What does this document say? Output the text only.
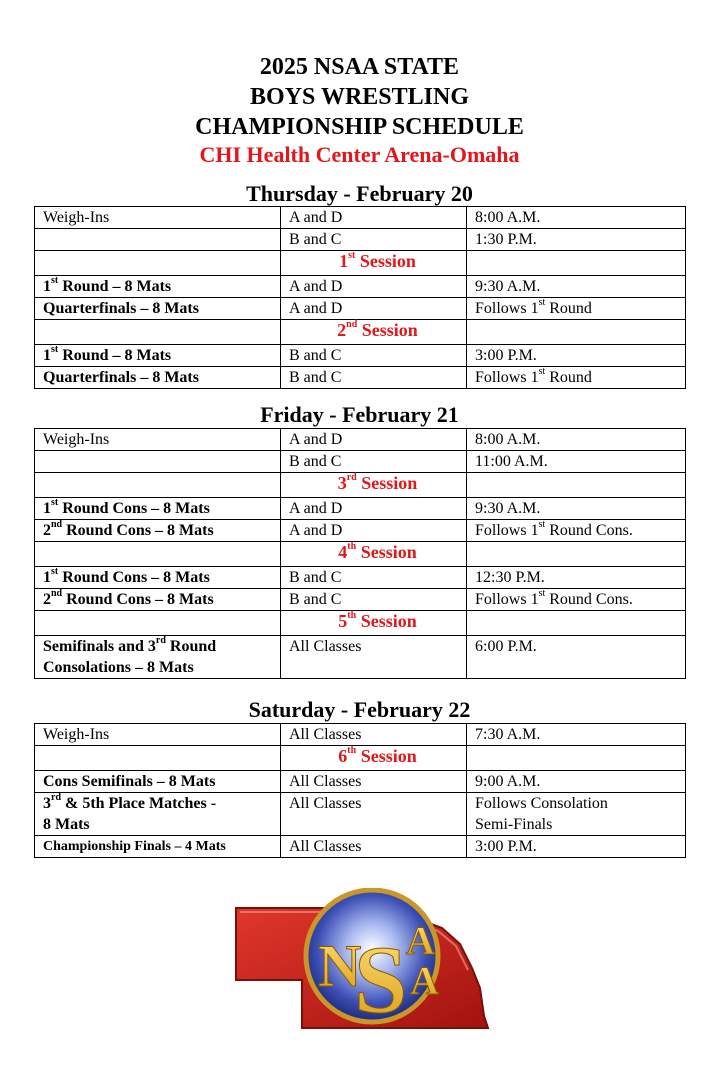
2025 NSAA STATE
BOYS WRESTLING
CHAMPIONSHIP SCHEDULE
CHI Health Center Arena-Omaha
Thursday - February 20
Weigh-Ins	A and D	8:00 A.M.
	B and C	1:30 P.M.
	1st Session	
1st Round – 8 Mats	A and D	9:30 A.M.
Quarterfinals – 8 Mats	A and D	Follows 1st Round
	2nd Session	
1st Round – 8 Mats	B and C	3:00 P.M.
Quarterfinals – 8 Mats	B and C	Follows 1st Round
Friday - February 21
Weigh-Ins	A and D	8:00 A.M.
	B and C	11:00 A.M.
	3rd Session	
1st Round Cons – 8 Mats	A and D	9:30 A.M.
2nd Round Cons – 8 Mats	A and D	Follows 1st Round Cons.
	4th Session	
1st Round Cons – 8 Mats	B and C	12:30 P.M.
2nd Round Cons – 8 Mats	B and C	Follows 1st Round Cons.
	5th Session	
Semifinals and 3rd Round
Consolations – 8 Mats	All Classes	6:00 P.M.
Saturday - February 22
Weigh-Ins	All Classes	7:30 A.M.
	6th Session	
Cons Semifinals – 8 Mats	All Classes	9:00 A.M.
3rd & 5th Place Matches -
8 Mats	All Classes	Follows Consolation
Semi-Finals
Championship Finals – 4 Mats	All Classes	3:00 P.M.
N
S
A
A
